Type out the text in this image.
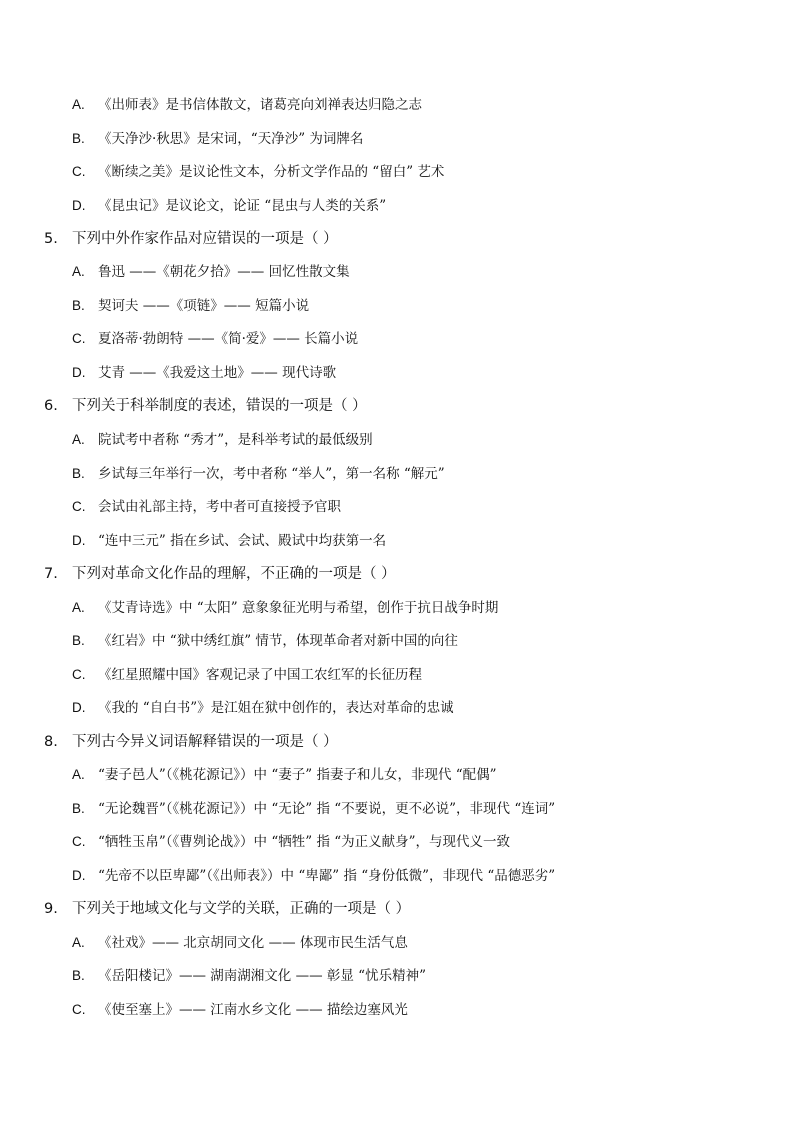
A. 《出师表》是书信体散文，诸葛亮向刘禅表达归隐之志
B. 《天净沙·秋思》是宋词，“天净沙” 为词牌名
C. 《断续之美》是议论性文本，分析文学作品的 “留白” 艺术
D. 《昆虫记》是议论文，论证 “昆虫与人类的关系”
5. 下列中外作家作品对应错误的一项是（ ）
A. 鲁迅 ——《朝花夕拾》—— 回忆性散文集
B. 契诃夫 ——《项链》—— 短篇小说
C. 夏洛蒂·勃朗特 ——《简·爱》—— 长篇小说
D. 艾青 ——《我爱这土地》—— 现代诗歌
6. 下列关于科举制度的表述，错误的一项是（ ）
A. 院试考中者称 “秀才”，是科举考试的最低级别
B. 乡试每三年举行一次，考中者称 “举人”，第一名称 “解元”
C. 会试由礼部主持，考中者可直接授予官职
D. “连中三元” 指在乡试、会试、殿试中均获第一名
7. 下列对革命文化作品的理解，不正确的一项是（ ）
A. 《艾青诗选》中 “太阳” 意象象征光明与希望，创作于抗日战争时期
B. 《红岩》中 “狱中绣红旗” 情节，体现革命者对新中国的向往
C. 《红星照耀中国》客观记录了中国工农红军的长征历程
D. 《我的 “自白书”》是江姐在狱中创作的，表达对革命的忠诚
8. 下列古今异义词语解释错误的一项是（ ）
A. “妻子邑人”（《桃花源记》）中 “妻子” 指妻子和儿女，非现代 “配偶”
B. “无论魏晋”（《桃花源记》）中 “无论” 指 “不要说，更不必说”，非现代 “连词”
C. “牺牲玉帛”（《曹刿论战》）中 “牺牲” 指 “为正义献身”，与现代义一致
D. “先帝不以臣卑鄙”（《出师表》）中 “卑鄙” 指 “身份低微”，非现代 “品德恶劣”
9. 下列关于地域文化与文学的关联，正确的一项是（ ）
A. 《社戏》—— 北京胡同文化 —— 体现市民生活气息
B. 《岳阳楼记》—— 湖南湖湘文化 —— 彰显 “忧乐精神”
C. 《使至塞上》—— 江南水乡文化 —— 描绘边塞风光
